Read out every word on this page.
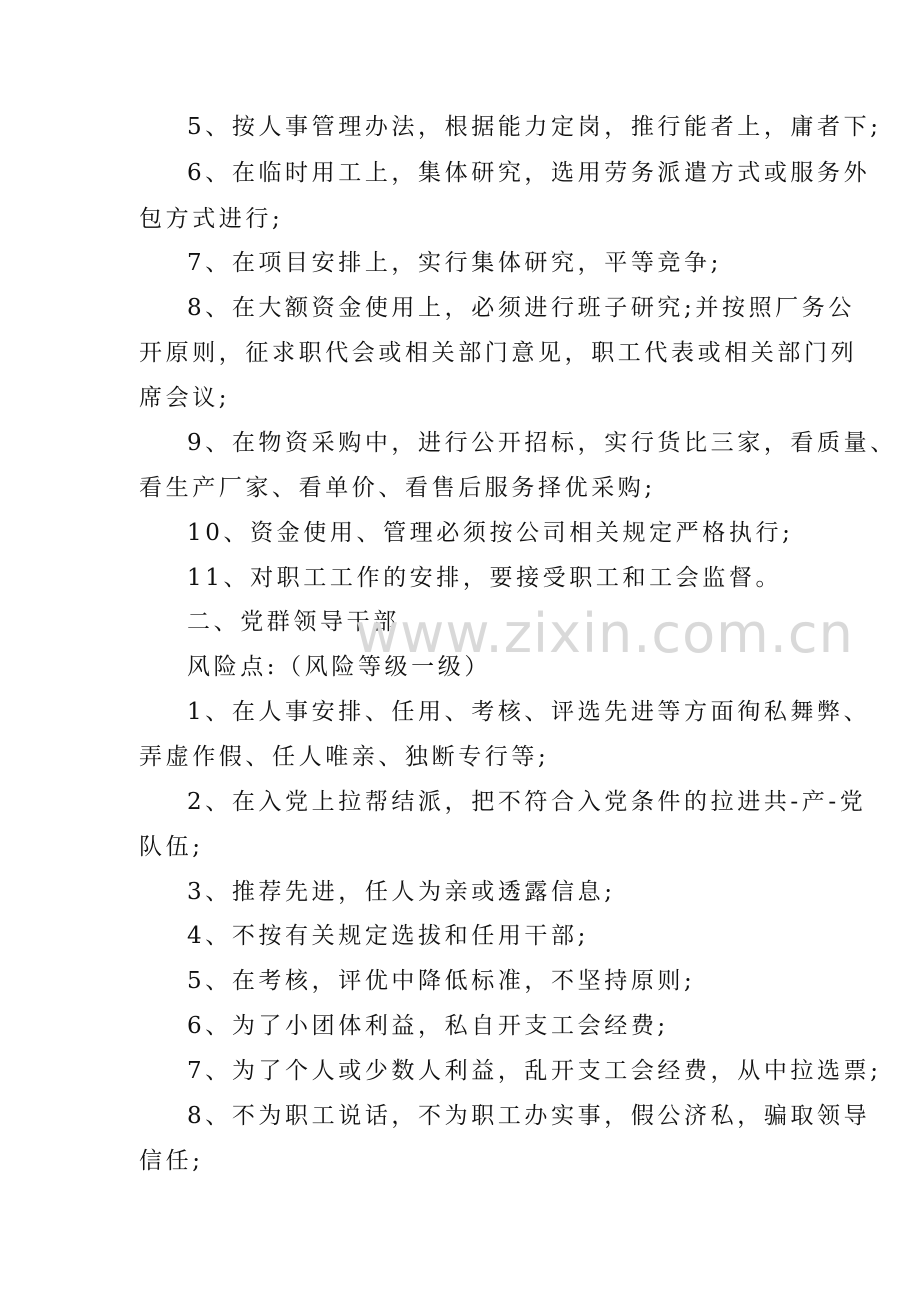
5、按人事管理办法，根据能力定岗，推行能者上，庸者下;
6、在临时用工上，集体研究，选用劳务派遣方式或服务外
包方式进行;
7、在项目安排上，实行集体研究，平等竞争;
8、在大额资金使用上，必须进行班子研究;并按照厂务公
开原则，征求职代会或相关部门意见，职工代表或相关部门列
席会议;
9、在物资采购中，进行公开招标，实行货比三家，看质量、
看生产厂家、看单价、看售后服务择优采购;
10、资金使用、管理必须按公司相关规定严格执行;
11、对职工工作的安排，要接受职工和工会监督。
二、党群领导干部
风险点:（风险等级一级）
1、在人事安排、任用、考核、评选先进等方面徇私舞弊、
弄虚作假、任人唯亲、独断专行等;
2、在入党上拉帮结派，把不符合入党条件的拉进共-产-党
队伍;
3、推荐先进，任人为亲或透露信息;
4、不按有关规定选拔和任用干部;
5、在考核，评优中降低标准，不坚持原则;
6、为了小团体利益，私自开支工会经费;
7、为了个人或少数人利益，乱开支工会经费，从中拉选票;
8、不为职工说话，不为职工办实事，假公济私，骗取领导
信任;
www.zixin.com.cn
